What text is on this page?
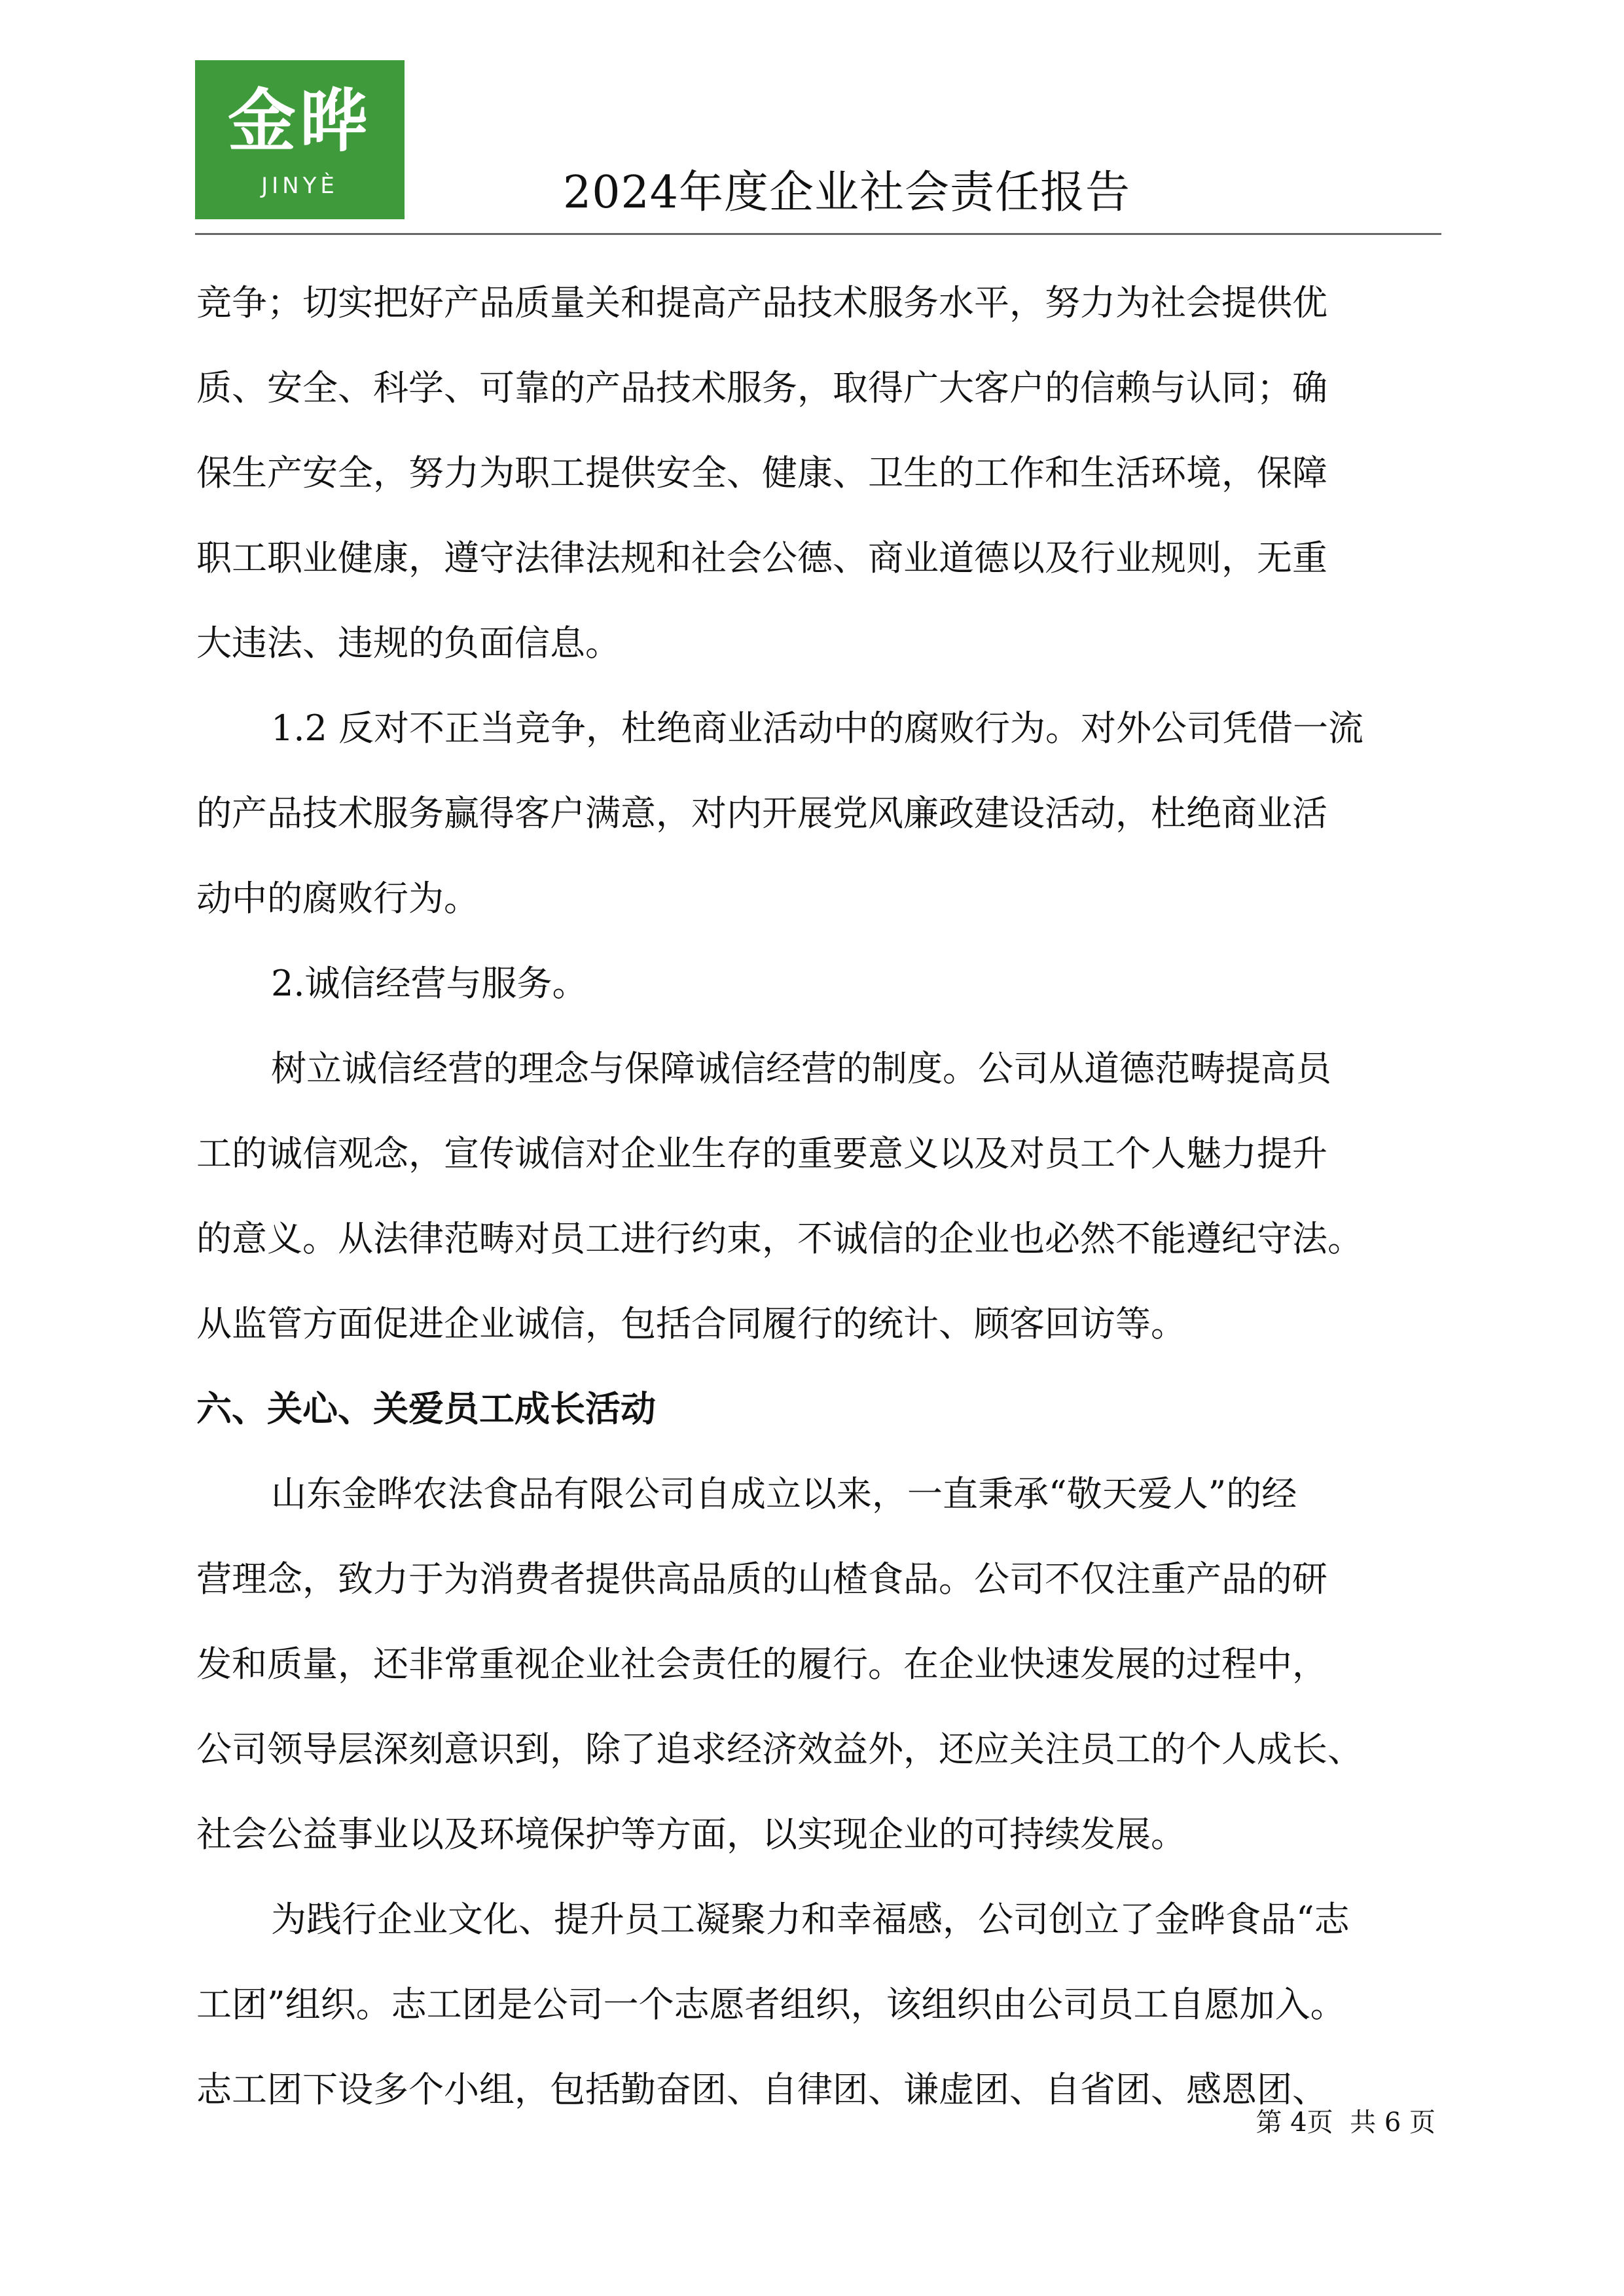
金晔
JINYÈ	2024年度企业社会责任报告
竞争；切实把好产品质量关和提高产品技术服务水平，努力为社会提供优
质、安全、科学、可靠的产品技术服务，取得广大客户的信赖与认同；确
保生产安全，努力为职工提供安全、健康、卫生的工作和生活环境，保障
职工职业健康，遵守法律法规和社会公德、商业道德以及行业规则，无重
大违法、违规的负面信息。
1.2 反对不正当竞争，杜绝商业活动中的腐败行为。对外公司凭借一流
的产品技术服务赢得客户满意，对内开展党风廉政建设活动，杜绝商业活
动中的腐败行为。
2.诚信经营与服务。
树立诚信经营的理念与保障诚信经营的制度。公司从道德范畴提高员
工的诚信观念，宣传诚信对企业生存的重要意义以及对员工个人魅力提升
的意义。从法律范畴对员工进行约束，不诚信的企业也必然不能遵纪守法。
从监管方面促进企业诚信，包括合同履行的统计、顾客回访等。
六、关心、关爱员工成长活动
山东金晔农法食品有限公司自成立以来，一直秉承“敬天爱人”的经
营理念，致力于为消费者提供高品质的山楂食品。公司不仅注重产品的研
发和质量，还非常重视企业社会责任的履行。在企业快速发展的过程中，
公司领导层深刻意识到，除了追求经济效益外，还应关注员工的个人成长、
社会公益事业以及环境保护等方面，以实现企业的可持续发展。
为践行企业文化、提升员工凝聚力和幸福感，公司创立了金晔食品“志
工团”组织。志工团是公司一个志愿者组织，该组织由公司员工自愿加入。
志工团下设多个小组，包括勤奋团、自律团、谦虚团、自省团、感恩团、
第 4页  共 6 页
